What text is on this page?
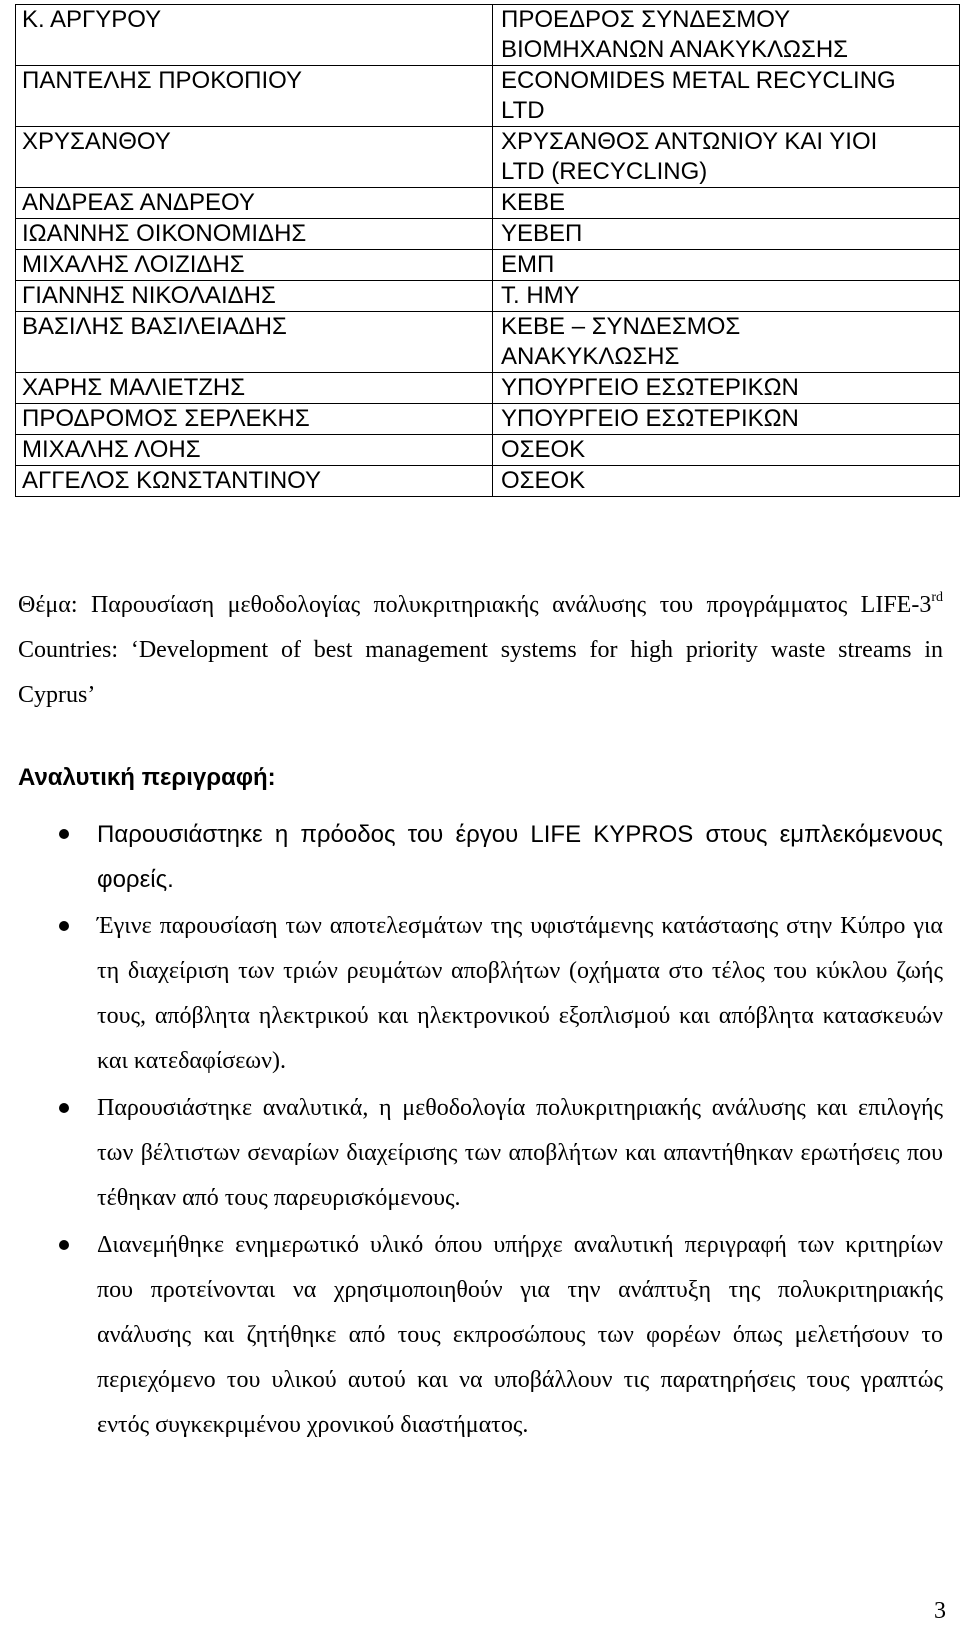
Κ. ΑΡΓΥΡΟΥ	ΠΡΟΕΔΡΟΣ ΣΥΝΔΕΣΜΟΥ
ΒΙΟΜΗΧΑΝΩΝ ΑΝΑΚΥΚΛΩΣΗΣ

ΠΑΝΤΕΛΗΣ ΠΡΟΚΟΠΙΟΥ	ECONOMIDES METAL RECYCLING
LTD

ΧΡΥΣΑΝΘΟΥ	ΧΡΥΣΑΝΘΟΣ ΑΝΤΩΝΙΟΥ ΚΑΙ ΥΙΟΙ
LTD (RECYCLING)

ΑΝΔΡΕΑΣ ΑΝΔΡΕΟΥ	ΚΕΒΕ

ΙΩΑΝΝΗΣ ΟΙΚΟΝΟΜΙΔΗΣ	ΥΕΒΕΠ

ΜΙΧΑΛΗΣ ΛΟΙΖΙΔΗΣ	ΕΜΠ

ΓΙΑΝΝΗΣ ΝΙΚΟΛΑΙΔΗΣ	Τ. ΗΜΥ

ΒΑΣΙΛΗΣ ΒΑΣΙΛΕΙΑΔΗΣ	ΚΕΒΕ – ΣΥΝΔΕΣΜΟΣ
ΑΝΑΚΥΚΛΩΣΗΣ

ΧΑΡΗΣ ΜΑΛΙΕΤΖΗΣ	ΥΠΟΥΡΓΕΙΟ ΕΣΩΤΕΡΙΚΩΝ

ΠΡΟΔΡΟΜΟΣ ΣΕΡΛΕΚΗΣ	ΥΠΟΥΡΓΕΙΟ ΕΣΩΤΕΡΙΚΩΝ

ΜΙΧΑΛΗΣ ΛΟΗΣ	ΟΣΕΟΚ

ΑΓΓΕΛΟΣ ΚΩΝΣΤΑΝΤΙΝΟΥ	ΟΣΕΟΚ
Θέμα: Παρουσίαση μεθοδολογίας πολυκριτηριακής ανάλυσης του προγράμματος LIFE-3rd Countries: ‘Development of best management systems for high priority waste streams in Cyprus’
Αναλυτική περιγραφή:
Παρουσιάστηκε η πρόοδος του έργου LIFE KYPROS στους εμπλεκόμενους φορείς.
Έγινε παρουσίαση των αποτελεσμάτων της υφιστάμενης κατάστασης στην Κύπρο για τη διαχείριση των τριών ρευμάτων αποβλήτων (οχήματα στο τέλος του κύκλου ζωής τους, απόβλητα ηλεκτρικού και ηλεκτρονικού εξοπλισμού και απόβλητα κατασκευών και κατεδαφίσεων).
Παρουσιάστηκε αναλυτικά, η μεθοδολογία πολυκριτηριακής ανάλυσης και επιλογής των βέλτιστων σεναρίων διαχείρισης των αποβλήτων και απαντήθηκαν ερωτήσεις που τέθηκαν από τους παρευρισκόμενους.
Διανεμήθηκε ενημερωτικό υλικό όπου υπήρχε αναλυτική περιγραφή των κριτηρίων που προτείνονται να χρησιμοποιηθούν για την ανάπτυξη της πολυκριτηριακής ανάλυσης και ζητήθηκε από τους εκπροσώπους των φορέων όπως μελετήσουν το περιεχόμενο του υλικού αυτού και να υποβάλλουν τις παρατηρήσεις τους γραπτώς εντός συγκεκριμένου χρονικού διαστήματος.
3
